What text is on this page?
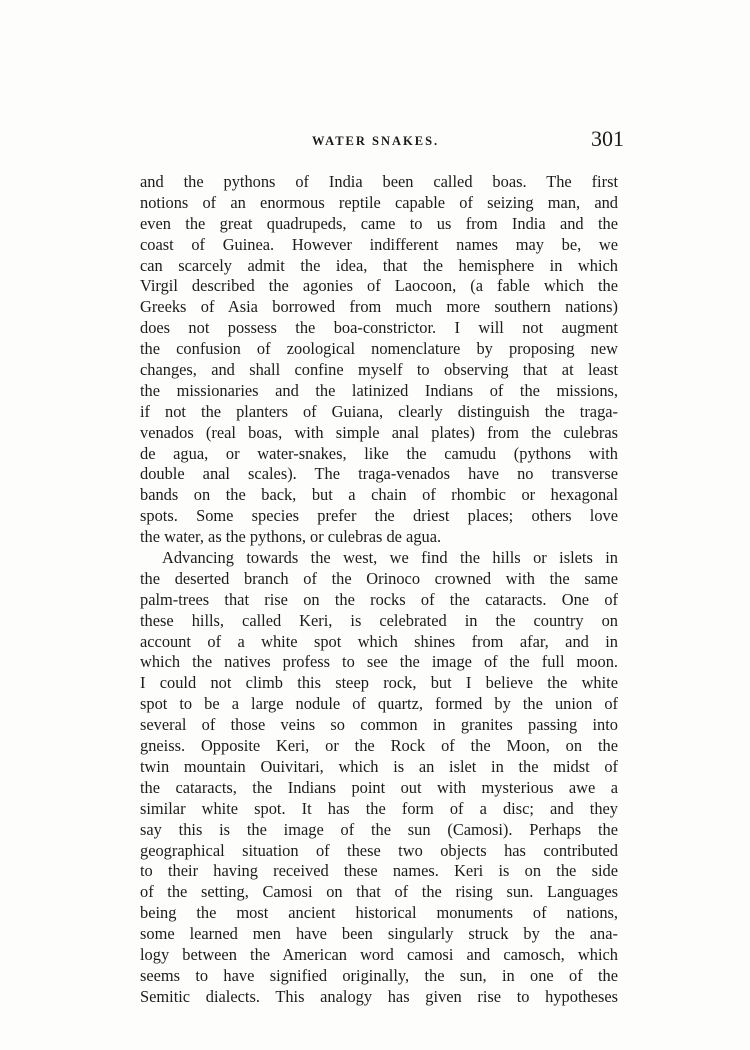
WATER SNAKES.	301
and the pythons of India been called boas. The first
notions of an enormous reptile capable of seizing man, and
even the great quadrupeds, came to us from India and the
coast of Guinea. However indifferent names may be, we
can scarcely admit the idea, that the hemisphere in which
Virgil described the agonies of Laocoon, (a fable which the
Greeks of Asia borrowed from much more southern nations)
does not possess the boa-constrictor. I will not augment
the confusion of zoological nomenclature by proposing new
changes, and shall confine myself to observing that at least
the missionaries and the latinized Indians of the missions,
if not the planters of Guiana, clearly distinguish the traga-
venados (real boas, with simple anal plates) from the culebras
de agua, or water-snakes, like the camudu (pythons with
double anal scales). The traga-venados have no transverse
bands on the back, but a chain of rhombic or hexagonal
spots. Some species prefer the driest places; others love
the water, as the pythons, or culebras de agua.
Advancing towards the west, we find the hills or islets in
the deserted branch of the Orinoco crowned with the same
palm-trees that rise on the rocks of the cataracts. One of
these hills, called Keri, is celebrated in the country on
account of a white spot which shines from afar, and in
which the natives profess to see the image of the full moon.
I could not climb this steep rock, but I believe the white
spot to be a large nodule of quartz, formed by the union of
several of those veins so common in granites passing into
gneiss. Opposite Keri, or the Rock of the Moon, on the
twin mountain Ouivitari, which is an islet in the midst of
the cataracts, the Indians point out with mysterious awe a
similar white spot. It has the form of a disc; and they
say this is the image of the sun (Camosi). Perhaps the
geographical situation of these two objects has contributed
to their having received these names. Keri is on the side
of the setting, Camosi on that of the rising sun. Languages
being the most ancient historical monuments of nations,
some learned men have been singularly struck by the ana-
logy between the American word camosi and camosch, which
seems to have signified originally, the sun, in one of the
Semitic dialects. This analogy has given rise to hypotheses
